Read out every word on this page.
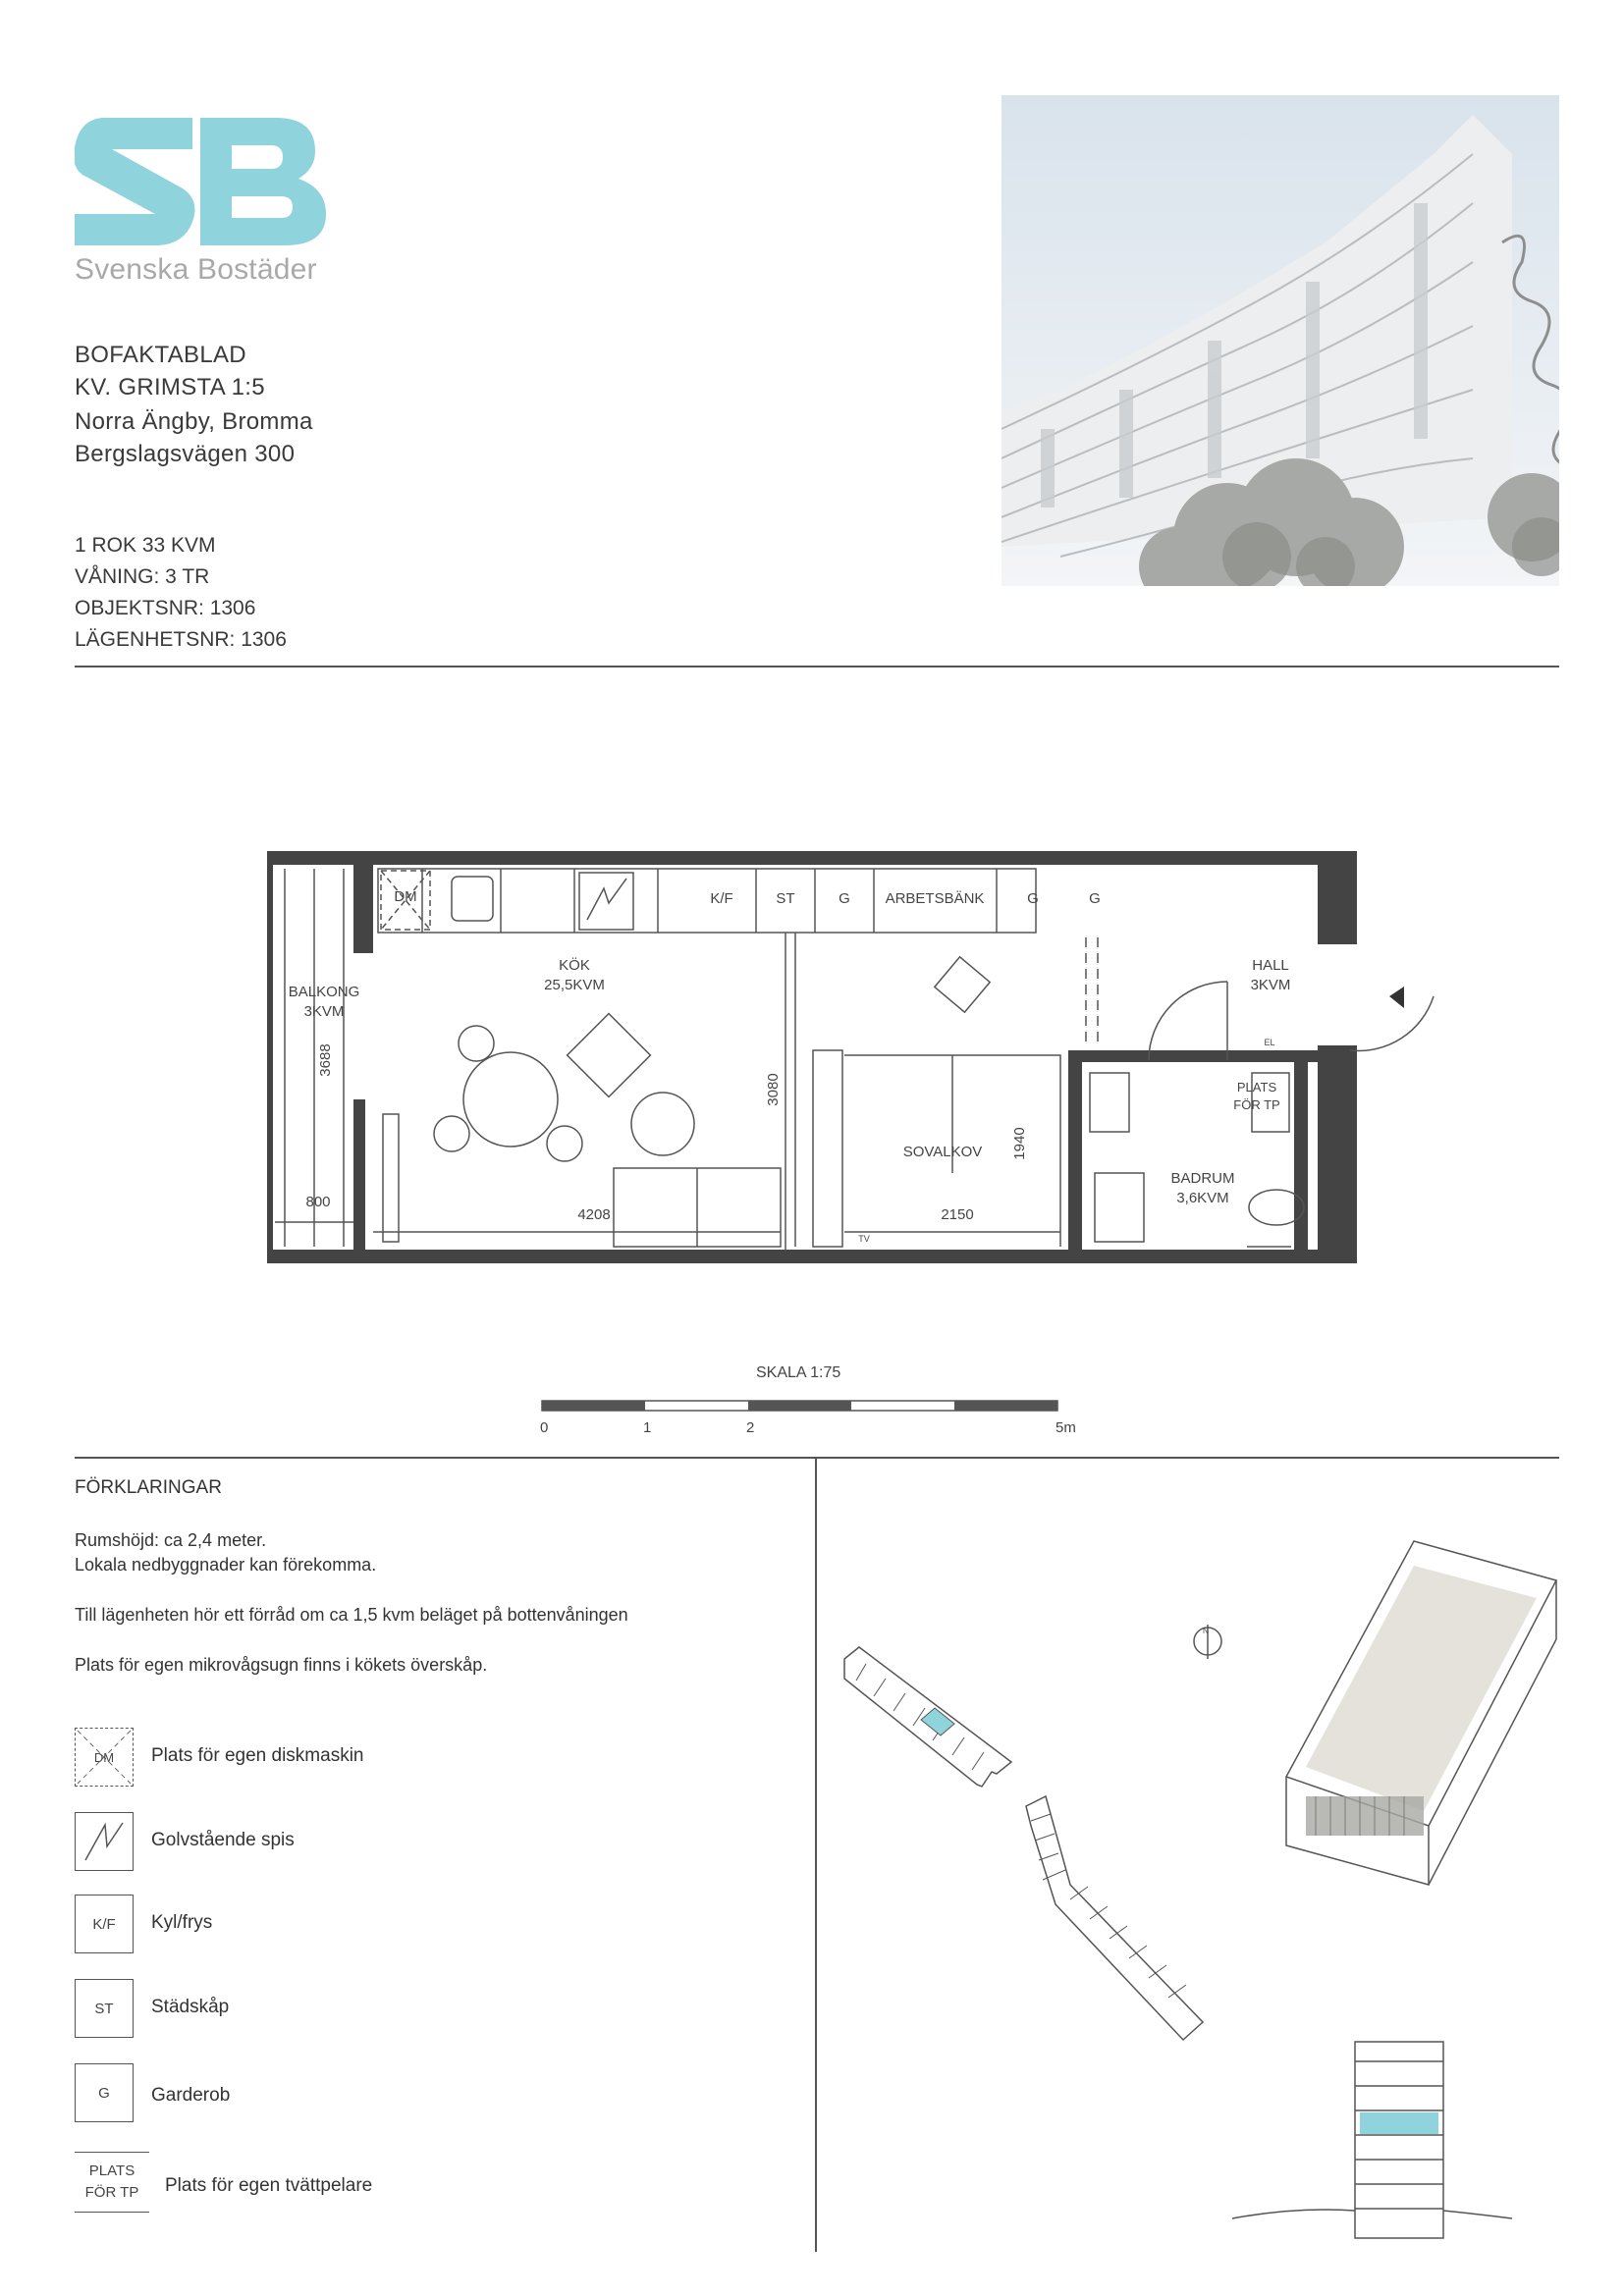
Svenska Bostäder
BOFAKTABLAD
KV. GRIMSTA 1:5
Norra Ängby, Bromma
Bergslagsvägen 300
1 ROK 33 KVM
VÅNING: 3 TR
OBJEKTSNR: 1306
LÄGENHETSNR: 1306
BALKONG
3KVM
KÖK
25,5KVM
HALL
3KVM
SOVALKOV
BADRUM
3,6KVM
DM	K/F	ST	G ARBETSBÄNK	G	G
PLATS
FÖR TP
EL
TV
800
4208	2150
3688
3080
1940
SKALA 1:75
0	1	2	5m
FÖRKLARINGAR
Rumshöjd: ca 2,4 meter.
Lokala nedbyggnader kan förekomma.
Till lägenheten hör ett förråd om ca 1,5 kvm beläget på bottenvåningen
Plats för egen mikrovågsugn finns i kökets överskåp.
DM Plats för egen diskmaskin
Golvstående spis
K/F	Kyl/frys
ST	Städskåp
G	Garderob
PLATS
FÖR TP	Plats för egen tvättpelare
N
